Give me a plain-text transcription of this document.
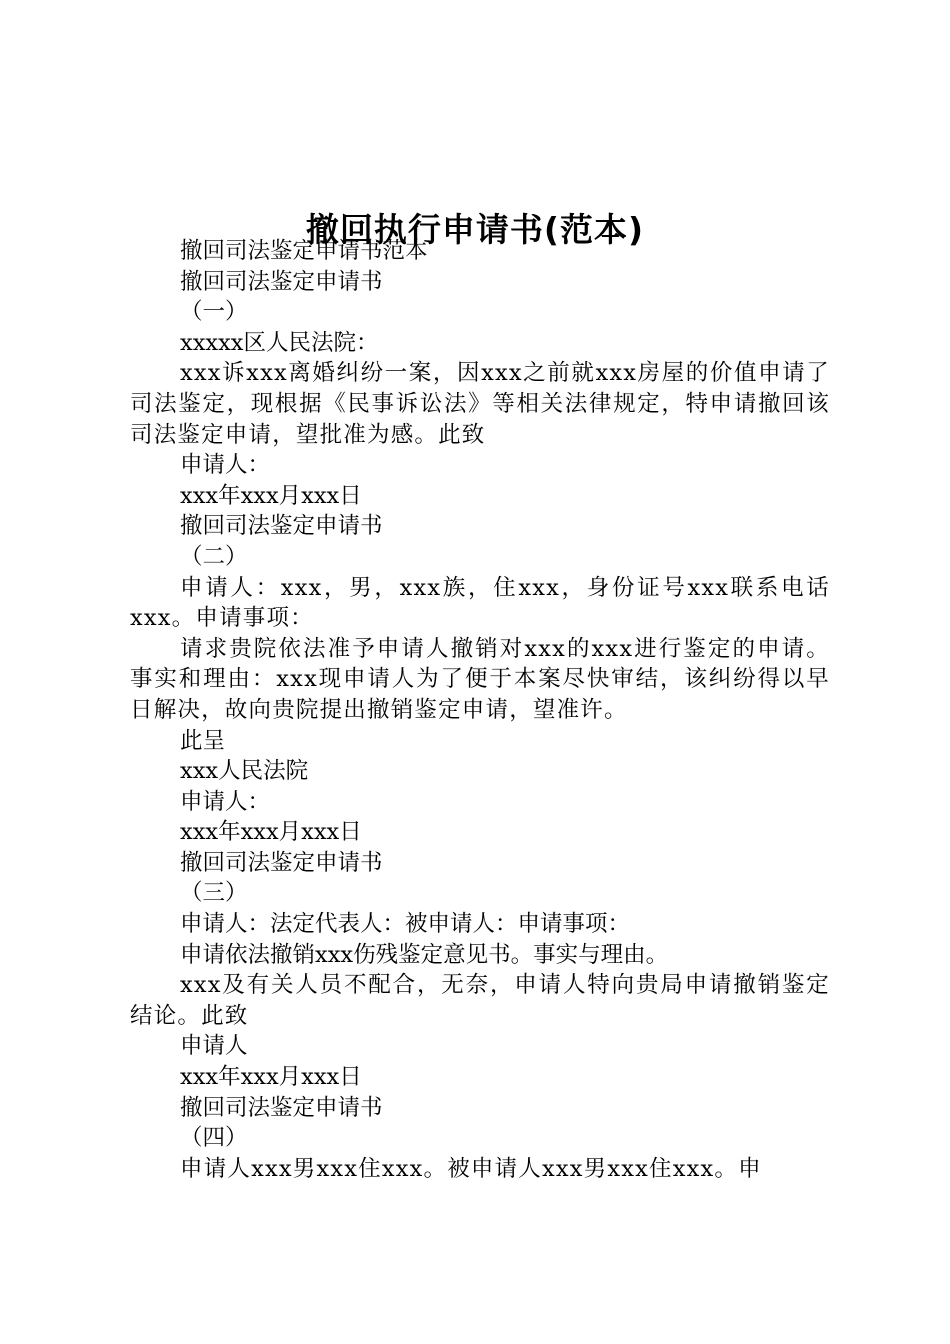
撤回执行申请书(范本)

撤回司法鉴定申请书范本

撤回司法鉴定申请书

（一）

xxxxx区人民法院：

xxx诉xxx离婚纠纷一案，因xxx之前就xxx房屋的价值申请了司法鉴定，现根据《民事诉讼法》等相关法律规定，特申请撤回该司法鉴定申请，望批准为感。此致

申请人：

xxx年xxx月xxx日

撤回司法鉴定申请书

（二）

申请人：xxx，男，xxx族，住xxx，身份证号xxx联系电话xxx。申请事项：

请求贵院依法准予申请人撤销对xxx的xxx进行鉴定的申请。事实和理由：xxx现申请人为了便于本案尽快审结，该纠纷得以早日解决，故向贵院提出撤销鉴定申请，望准许。

此呈

xxx人民法院

申请人：

xxx年xxx月xxx日

撤回司法鉴定申请书

（三）

申请人：法定代表人：被申请人：申请事项：

申请依法撤销xxx伤残鉴定意见书。事实与理由。

xxx及有关人员不配合，无奈，申请人特向贵局申请撤销鉴定结论。此致

申请人

xxx年xxx月xxx日

撤回司法鉴定申请书

（四）

申请人xxx男xxx住xxx。被申请人xxx男xxx住xxx。申
